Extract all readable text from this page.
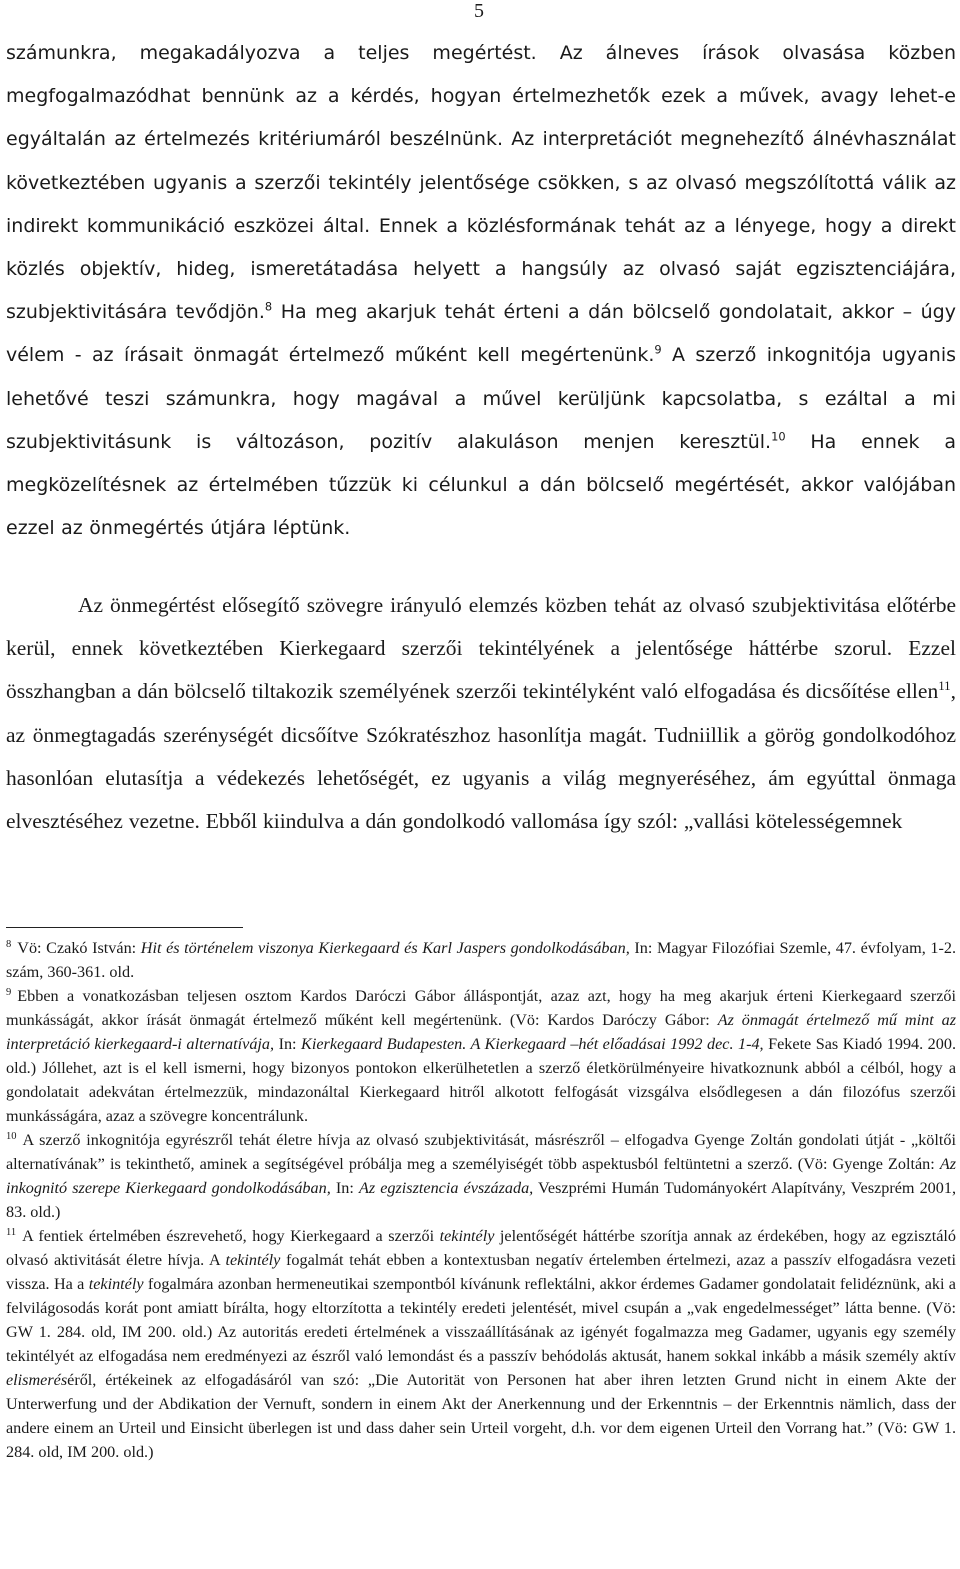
5

számunkra, megakadályozva a teljes megértést. Az álneves írások olvasása közben megfogalmazódhat bennünk az a kérdés, hogyan értelmezhetők ezek a művek, avagy lehet-e egyáltalán az értelmezés kritériumáról beszélnünk. Az interpretációt megnehezítő álnévhasználat következtében ugyanis a szerzői tekintély jelentősége csökken, s az olvasó megszólítottá válik az indirekt kommunikáció eszközei által. Ennek a közlésformának tehát az a lényege, hogy a direkt közlés objektív, hideg, ismeretátadása helyett a hangsúly az olvasó saját egzisztenciájára, szubjektivitására tevődjön.$^8$ Ha meg akarjuk tehát érteni a dán bölcselő gondolatait, akkor – úgy vélem - az írásait önmagát értelmező műként kell megértenünk.$^9$ A szerző inkognitója ugyanis lehetővé teszi számunkra, hogy magával a művel kerüljünk kapcsolatba, s ezáltal a mi szubjektivitásunk is változáson, pozitív alakuláson menjen keresztül.$^{10}$ Ha ennek a megközelítésnek az értelmében tűzzük ki célunkul a dán bölcselő megértését, akkor valójában ezzel az önmegértés útjára léptünk.

Az önmegértést elősegítő szövegre irányuló elemzés közben tehát az olvasó szubjektivitása előtérbe kerül, ennek következtében Kierkegaard szerzői tekintélyének a jelentősége háttérbe szorul. Ezzel összhangban a dán bölcselő tiltakozik személyének szerzői tekintélyként való elfogadása és dicsőítése ellen$^{11}$, az önmegtagadás szerénységét dicsőítve Szókratészhoz hasonlítja magát. Tudniillik a görög gondolkodóhoz hasonlóan elutasítja a védekezés lehetőségét, ez ugyanis a világ megnyeréséhez, ám egyúttal önmaga elvesztéséhez vezetne. Ebből kiindulva a dán gondolkodó vallomása így szól: „vallási kötelességemnek

$^8$ Vö: Czakó István: Hit és történelem viszonya Kierkegaard és Karl Jaspers gondolkodásában, In: Magyar Filozófiai Szemle, 47. évfolyam, 1-2. szám, 360-361. old.

$^9$ Ebben a vonatkozásban teljesen osztom Kardos Daróczi Gábor álláspontját, azaz azt, hogy ha meg akarjuk érteni Kierkegaard szerzői munkásságát, akkor írását önmagát értelmező műként kell megértenünk. (Vö: Kardos Daróczy Gábor: Az önmagát értelmező mű mint az interpretáció kierkegaard-i alternatívája, In: Kierkegaard Budapesten. A Kierkegaard –hét előadásai 1992 dec. 1-4, Fekete Sas Kiadó 1994. 200. old.) Jóllehet, azt is el kell ismerni, hogy bizonyos pontokon elkerülhetetlen a szerző életkörülményeire hivatkoznunk abból a célból, hogy a gondolatait adekvátan értelmezzük, mindazonáltal Kierkegaard hitről alkotott felfogását vizsgálva elsődlegesen a dán filozófus szerzői munkásságára, azaz a szövegre koncentrálunk.

$^{10}$ A szerző inkognitója egyrészről tehát életre hívja az olvasó szubjektivitását, másrészről – elfogadva Gyenge Zoltán gondolati útját - „költői alternatívának” is tekinthető, aminek a segítségével próbálja meg a személyiségét több aspektusból feltüntetni a szerző. (Vö: Gyenge Zoltán: Az inkognitó szerepe Kierkegaard gondolkodásában, In: Az egzisztencia évszázada, Veszprémi Humán Tudományokért Alapítvány, Veszprém 2001, 83. old.)

$^{11}$ A fentiek értelmében észrevehető, hogy Kierkegaard a szerzői tekintély jelentőségét háttérbe szorítja annak az érdekében, hogy az egzisztáló olvasó aktivitását életre hívja. A tekintély fogalmát tehát ebben a kontextusban negatív értelemben értelmezi, azaz a passzív elfogadásra vezeti vissza. Ha a tekintély fogalmára azonban hermeneutikai szempontból kívánunk reflektálni, akkor érdemes Gadamer gondolatait felidéznünk, aki a felvilágosodás korát pont amiatt bírálta, hogy eltorzította a tekintély eredeti jelentését, mivel csupán a „vak engedelmességet” látta benne. (Vö: GW 1. 284. old, IM 200. old.) Az autoritás eredeti értelmének a visszaállításának az igényét fogalmazza meg Gadamer, ugyanis egy személy tekintélyét az elfogadása nem eredményezi az észről való lemondást és a passzív behódolás aktusát, hanem sokkal inkább a másik személy aktív elismeréséről, értékeinek az elfogadásáról van szó: „Die Autorität von Personen hat aber ihren letzten Grund nicht in einem Akte der Unterwerfung und der Abdikation der Vernuft, sondern in einem Akt der Anerkennung und der Erkenntnis – der Erkenntnis nämlich, dass der andere einem an Urteil und Einsicht überlegen ist und dass daher sein Urteil vorgeht, d.h. vor dem eigenen Urteil den Vorrang hat.” (Vö: GW 1. 284. old, IM 200. old.)
